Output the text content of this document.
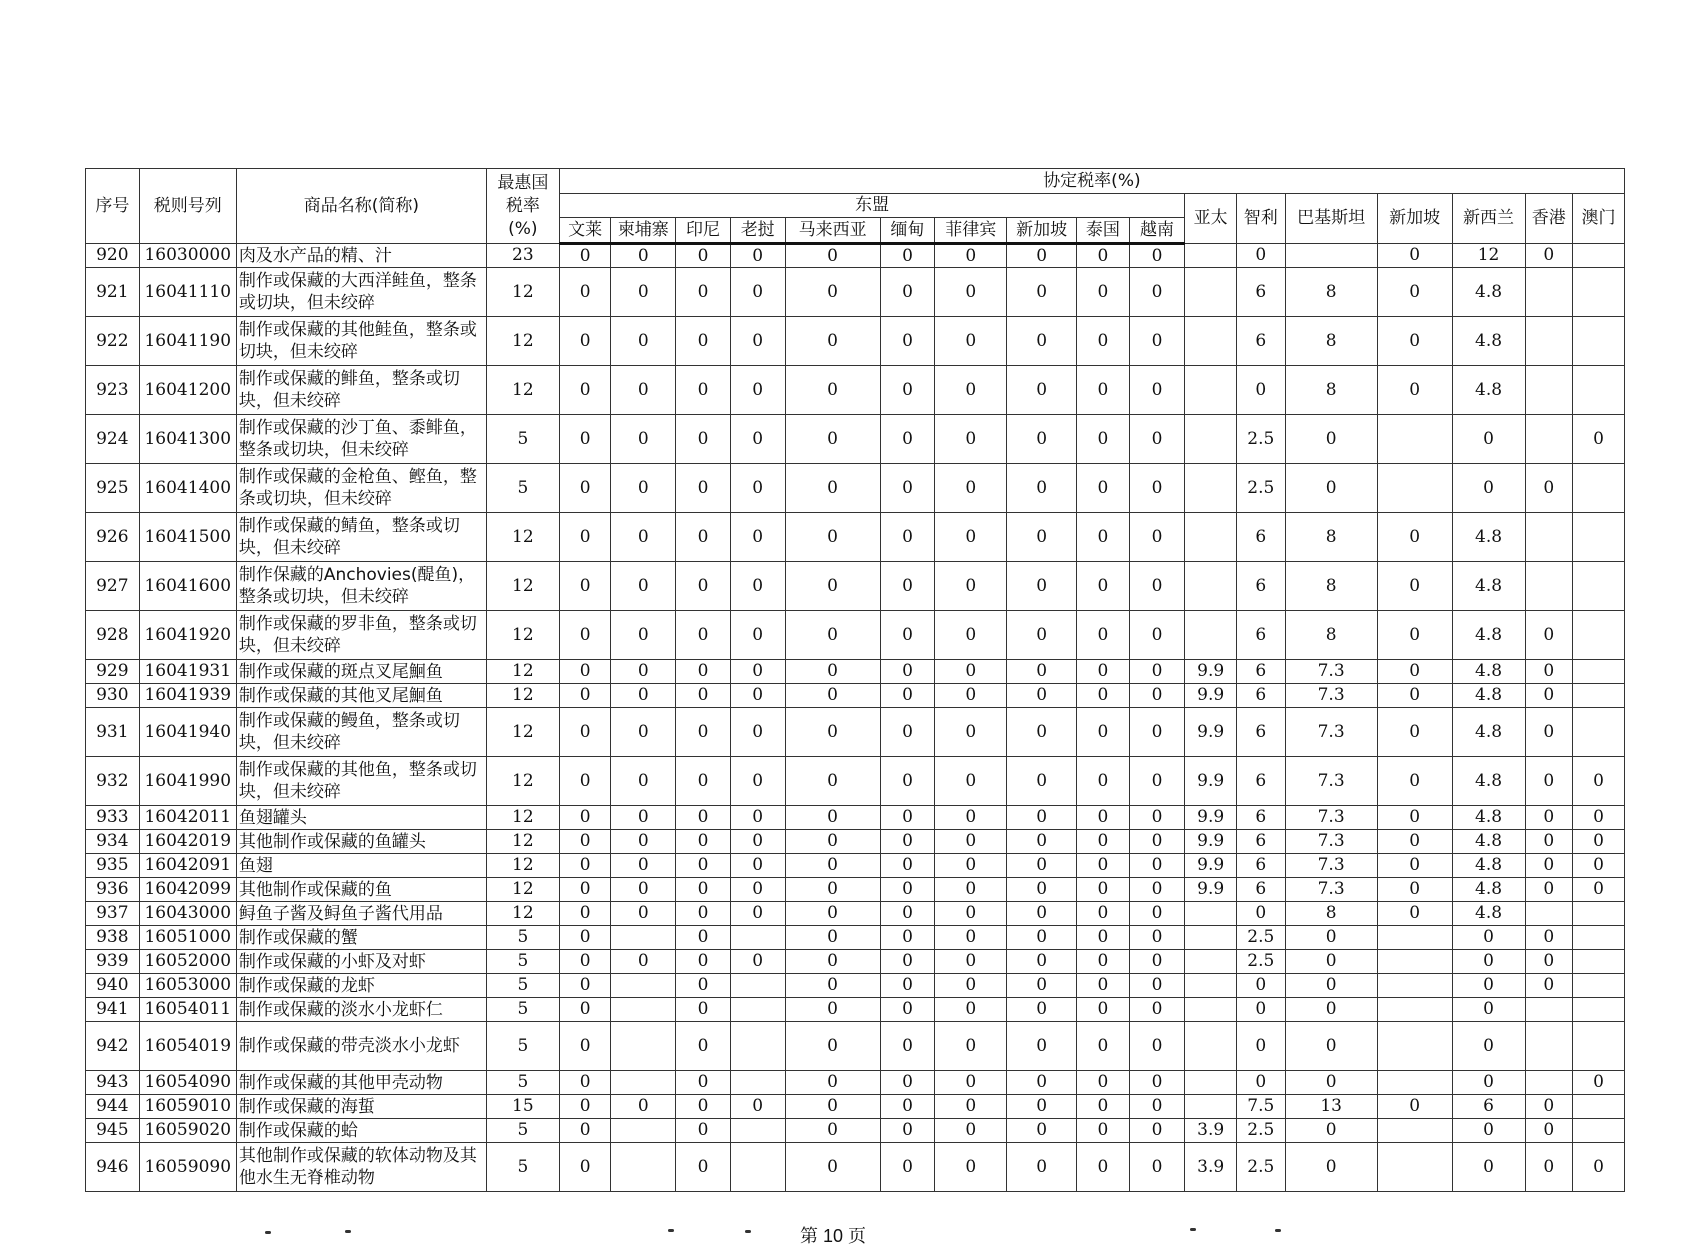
序号	税则号列	商品名称(简称)	最惠国
税率
(%)	协定税率(%)																
				东盟										亚太	智利	巴基斯坦	新加坡	新西兰	香港	澳门
				文莱	柬埔寨	印尼	老挝	马来西亚	缅甸	菲律宾	新加坡	泰国	越南							
920	16030000	肉及水产品的精、汁	23	0	0	0	0	0	0	0	0	0	0		0		0	12	0	
921	16041110	制作或保藏的大西洋鲑鱼，整条或切块，但未绞碎	12	0	0	0	0	0	0	0	0	0	0		6	8	0	4.8		
922	16041190	制作或保藏的其他鲑鱼，整条或切块，但未绞碎	12	0	0	0	0	0	0	0	0	0	0		6	8	0	4.8		
923	16041200	制作或保藏的鲱鱼，整条或切块，但未绞碎	12	0	0	0	0	0	0	0	0	0	0		0	8	0	4.8		
924	16041300	制作或保藏的沙丁鱼、黍鲱鱼，整条或切块，但未绞碎	5	0	0	0	0	0	0	0	0	0	0		2.5	0		0		0
925	16041400	制作或保藏的金枪鱼、鲣鱼，整条或切块，但未绞碎	5	0	0	0	0	0	0	0	0	0	0		2.5	0		0	0	
926	16041500	制作或保藏的鲭鱼，整条或切块，但未绞碎	12	0	0	0	0	0	0	0	0	0	0		6	8	0	4.8		
927	16041600	制作保藏的Anchovies(醍鱼)，整条或切块，但未绞碎	12	0	0	0	0	0	0	0	0	0	0		6	8	0	4.8		
928	16041920	制作或保藏的罗非鱼，整条或切块，但未绞碎	12	0	0	0	0	0	0	0	0	0	0		6	8	0	4.8	0	
929	16041931	制作或保藏的斑点叉尾鮰鱼	12	0	0	0	0	0	0	0	0	0	0	9.9	6	7.3	0	4.8	0	
930	16041939	制作或保藏的其他叉尾鮰鱼	12	0	0	0	0	0	0	0	0	0	0	9.9	6	7.3	0	4.8	0	
931	16041940	制作或保藏的鳗鱼，整条或切块，但未绞碎	12	0	0	0	0	0	0	0	0	0	0	9.9	6	7.3	0	4.8	0	
932	16041990	制作或保藏的其他鱼，整条或切块，但未绞碎	12	0	0	0	0	0	0	0	0	0	0	9.9	6	7.3	0	4.8	0	0
933	16042011	鱼翅罐头	12	0	0	0	0	0	0	0	0	0	0	9.9	6	7.3	0	4.8	0	0
934	16042019	其他制作或保藏的鱼罐头	12	0	0	0	0	0	0	0	0	0	0	9.9	6	7.3	0	4.8	0	0
935	16042091	鱼翅	12	0	0	0	0	0	0	0	0	0	0	9.9	6	7.3	0	4.8	0	0
936	16042099	其他制作或保藏的鱼	12	0	0	0	0	0	0	0	0	0	0	9.9	6	7.3	0	4.8	0	0
937	16043000	鲟鱼子酱及鲟鱼子酱代用品	12	0	0	0	0	0	0	0	0	0	0		0	8	0	4.8		
938	16051000	制作或保藏的蟹	5	0		0		0	0	0	0	0	0		2.5	0		0	0	
939	16052000	制作或保藏的小虾及对虾	5	0	0	0	0	0	0	0	0	0	0		2.5	0		0	0	
940	16053000	制作或保藏的龙虾	5	0		0		0	0	0	0	0	0		0	0		0	0	
941	16054011	制作或保藏的淡水小龙虾仁	5	0		0		0	0	0	0	0	0		0	0		0		
942	16054019	制作或保藏的带壳淡水小龙虾	5	0		0		0	0	0	0	0	0		0	0		0		
943	16054090	制作或保藏的其他甲壳动物	5	0		0		0	0	0	0	0	0		0	0		0		0
944	16059010	制作或保藏的海蜇	15	0	0	0	0	0	0	0	0	0	0		7.5	13	0	6	0	
945	16059020	制作或保藏的蛤	5	0		0		0	0	0	0	0	0	3.9	2.5	0		0	0	
946	16059090	其他制作或保藏的软体动物及其他水生无脊椎动物	5	0		0		0	0	0	0	0	0	3.9	2.5	0		0	0	0
第 10 页
